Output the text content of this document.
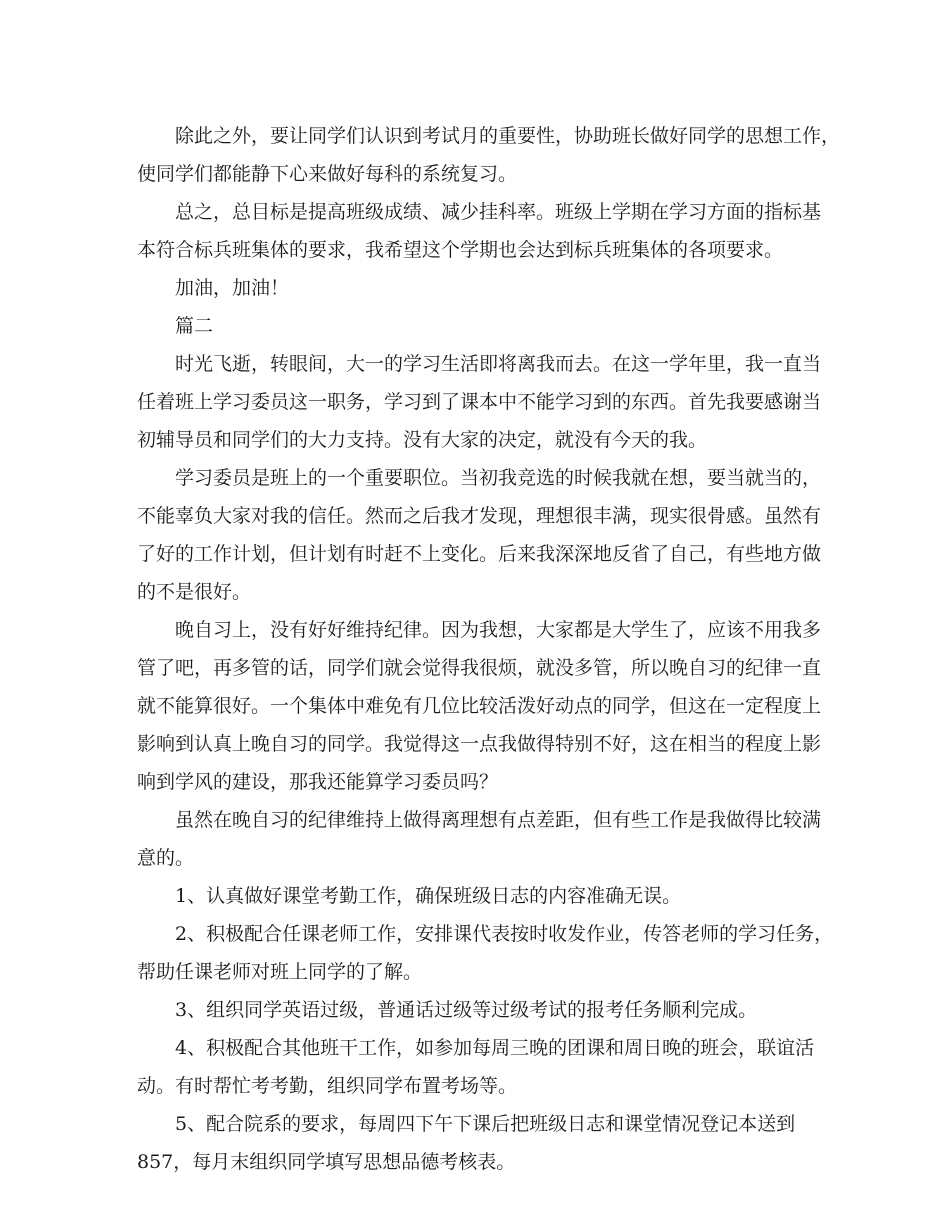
除此之外，要让同学们认识到考试月的重要性，协助班长做好同学的思想工作，
使同学们都能静下心来做好每科的系统复习。
总之，总目标是提高班级成绩、减少挂科率。班级上学期在学习方面的指标基
本符合标兵班集体的要求，我希望这个学期也会达到标兵班集体的各项要求。
加油，加油！
篇二
时光飞逝，转眼间，大一的学习生活即将离我而去。在这一学年里，我一直当
任着班上学习委员这一职务，学习到了课本中不能学习到的东西。首先我要感谢当
初辅导员和同学们的大力支持。没有大家的决定，就没有今天的我。
学习委员是班上的一个重要职位。当初我竞选的时候我就在想，要当就当的，
不能辜负大家对我的信任。然而之后我才发现，理想很丰满，现实很骨感。虽然有
了好的工作计划，但计划有时赶不上变化。后来我深深地反省了自己，有些地方做
的不是很好。
晚自习上，没有好好维持纪律。因为我想，大家都是大学生了，应该不用我多
管了吧，再多管的话，同学们就会觉得我很烦，就没多管，所以晚自习的纪律一直
就不能算很好。一个集体中难免有几位比较活泼好动点的同学，但这在一定程度上
影响到认真上晚自习的同学。我觉得这一点我做得特别不好，这在相当的程度上影
响到学风的建设，那我还能算学习委员吗？
虽然在晚自习的纪律维持上做得离理想有点差距，但有些工作是我做得比较满
意的。
1、认真做好课堂考勤工作，确保班级日志的内容准确无误。
2、积极配合任课老师工作，安排课代表按时收发作业，传答老师的学习任务，
帮助任课老师对班上同学的了解。
3、组织同学英语过级，普通话过级等过级考试的报考任务顺利完成。
4、积极配合其他班干工作，如参加每周三晚的团课和周日晚的班会，联谊活
动。有时帮忙考考勤，组织同学布置考场等。
5、配合院系的要求，每周四下午下课后把班级日志和课堂情况登记本送到
857，每月末组织同学填写思想品德考核表。
